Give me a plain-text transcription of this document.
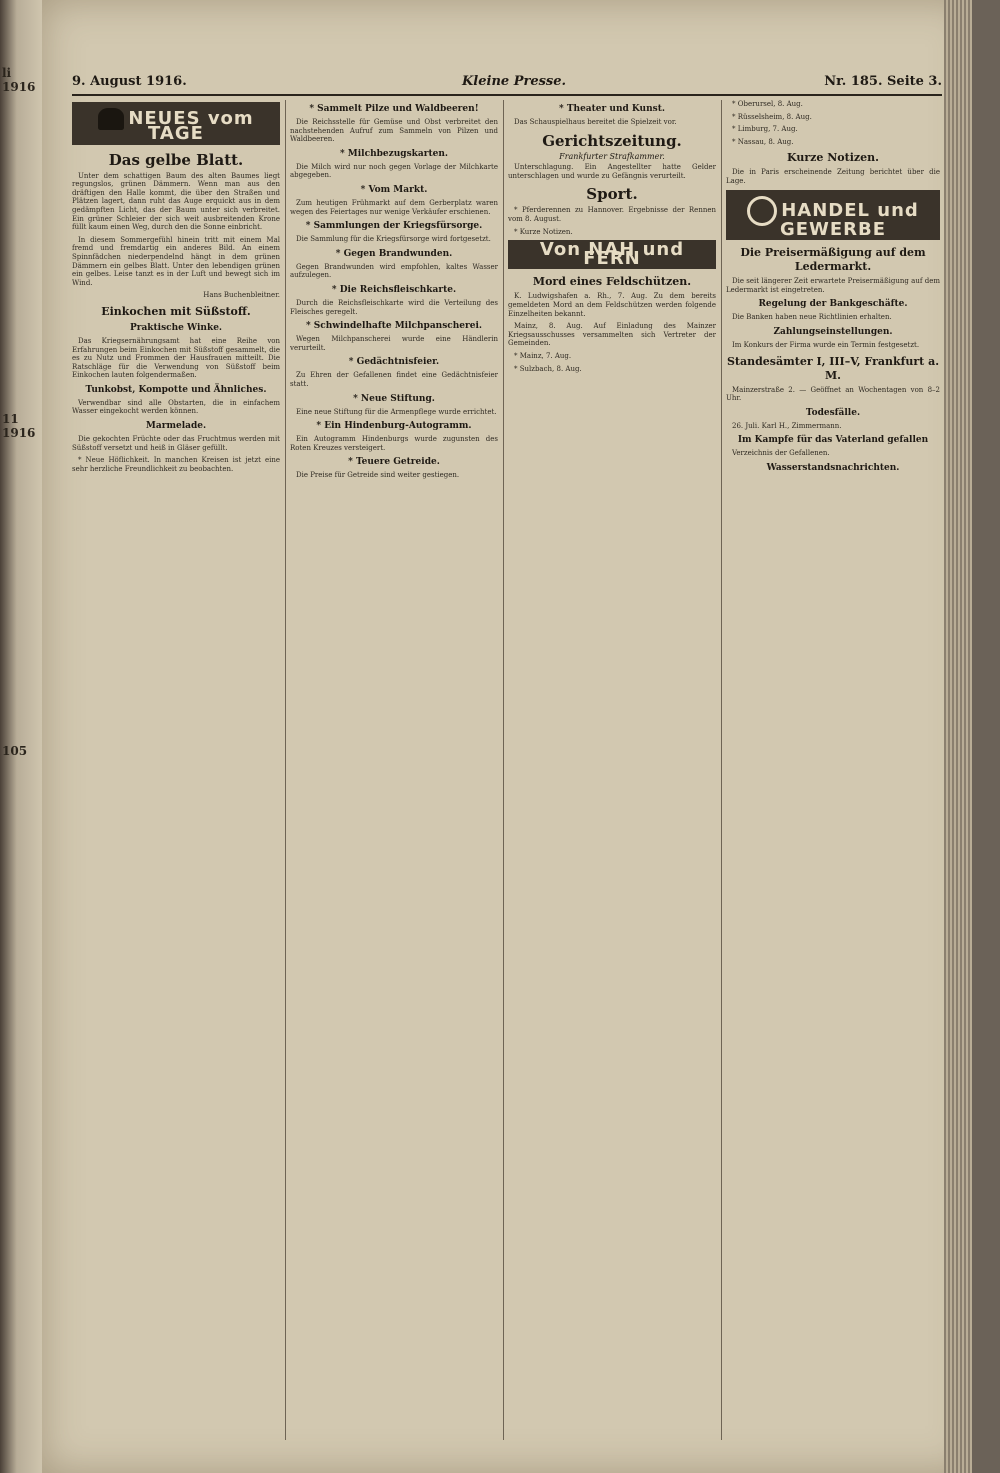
li 1916
11 1916
105
9. August 1916.	Kleine Presse.	Nr. 185. Seite 3.
NEUES vom TAGE
Das gelbe Blatt.

Unter dem schattigen Baum des alten Baumes liegt regungslos, grünen Dämmern. Wenn man aus den dräftigen den Halle kommt, die über den Straßen und Plätzen lagert, dann ruht das Auge erquickt aus in dem gedämpften Licht, das der Baum unter sich verbreitet. Ein grüner Schleier der sich weit ausbreitenden Krone füllt kaum einen Weg, durch den die Sonne einbricht.

In diesem Sommergefühl hinein tritt mit einem Mal fremd und fremdartig ein anderes Bild. An einem Spinnfädchen niederpendelnd hängt in dem grünen Dämmern ein gelbes Blatt. Unter den lebendigen grünen ein gelbes. Leise tanzt es in der Luft und bewegt sich im Wind.

Hans Buchenbleitner.

Einkochen mit Süßstoff.
Praktische Winke.

Das Kriegsernährungsamt hat eine Reihe von Erfahrungen beim Einkochen mit Süßstoff gesammelt, die es zu Nutz und Frommen der Hausfrauen mitteilt. Die Ratschläge für die Verwendung von Süßstoff beim Einkochen lauten folgendermaßen.

Tunkobst, Kompotte und Ähnliches.

Verwendbar sind alle Obstarten, die in einfachem Wasser eingekocht werden können.

Marmelade.

Die gekochten Früchte oder das Fruchtmus werden mit Süßstoff versetzt und heiß in Gläser gefüllt.

* Neue Höflichkeit. In manchen Kreisen ist jetzt eine sehr herzliche Freundlichkeit zu beobachten.

* Sammelt Pilze und Waldbeeren!

Die Reichsstelle für Gemüse und Obst verbreitet den nachstehenden Aufruf zum Sammeln von Pilzen und Waldbeeren.

* Milchbezugskarten.

Die Milch wird nur noch gegen Vorlage der Milchkarte abgegeben.

* Vom Markt.

Zum heutigen Frühmarkt auf dem Gerberplatz waren wegen des Feiertages nur wenige Verkäufer erschienen.

* Sammlungen der Kriegsfürsorge.

Die Sammlung für die Kriegsfürsorge wird fortgesetzt.

* Gegen Brandwunden.

Gegen Brandwunden wird empfohlen, kaltes Wasser aufzulegen.

* Die Reichsfleischkarte.

Durch die Reichsfleischkarte wird die Verteilung des Fleisches geregelt.

* Schwindelhafte Milchpanscherei.

Wegen Milchpanscherei wurde eine Händlerin verurteilt.

* Gedächtnisfeier.

Zu Ehren der Gefallenen findet eine Gedächtnisfeier statt.

* Neue Stiftung.

Eine neue Stiftung für die Armenpflege wurde errichtet.

* Ein Hindenburg-Autogramm.

Ein Autogramm Hindenburgs wurde zugunsten des Roten Kreuzes versteigert.

* Teuere Getreide.

Die Preise für Getreide sind weiter gestiegen.

* Theater und Kunst.

Das Schauspielhaus bereitet die Spielzeit vor.

Gerichtszeitung.
Frankfurter Strafkammer.

Unterschlagung. Ein Angestellter hatte Gelder unterschlagen und wurde zu Gefängnis verurteilt.

Sport.

* Pferderennen zu Hannover. Ergebnisse der Rennen vom 8. August.

* Kurze Notizen.

Von NAH und FERN
Mord eines Feldschützen.

K. Ludwigshafen a. Rh., 7. Aug. Zu dem bereits gemeldeten Mord an dem Feldschützen werden folgende Einzelheiten bekannt.

Mainz, 8. Aug. Auf Einladung des Mainzer Kriegsausschusses versammelten sich Vertreter der Gemeinden.

* Mainz, 7. Aug.

* Sulzbach, 8. Aug.

* Oberursel, 8. Aug.

* Rüsselsheim, 8. Aug.

* Limburg, 7. Aug.

* Nassau, 8. Aug.

Kurze Notizen.

Die in Paris erscheinende Zeitung berichtet über die Lage.

HANDEL und GEWERBE
Die Preisermäßigung auf dem Ledermarkt.

Die seit längerer Zeit erwartete Preisermäßigung auf dem Ledermarkt ist eingetreten.

Regelung der Bankgeschäfte.

Die Banken haben neue Richtlinien erhalten.

Zahlungseinstellungen.

Im Konkurs der Firma wurde ein Termin festgesetzt.

Standesämter I, III–V, Frankfurt a. M.

Mainzerstraße 2. — Geöffnet an Wochentagen von 8–2 Uhr.

Todesfälle.

26. Juli. Karl H., Zimmermann.

Im Kampfe für das Vaterland gefallen

Verzeichnis der Gefallenen.

Wasserstandsnachrichten.
